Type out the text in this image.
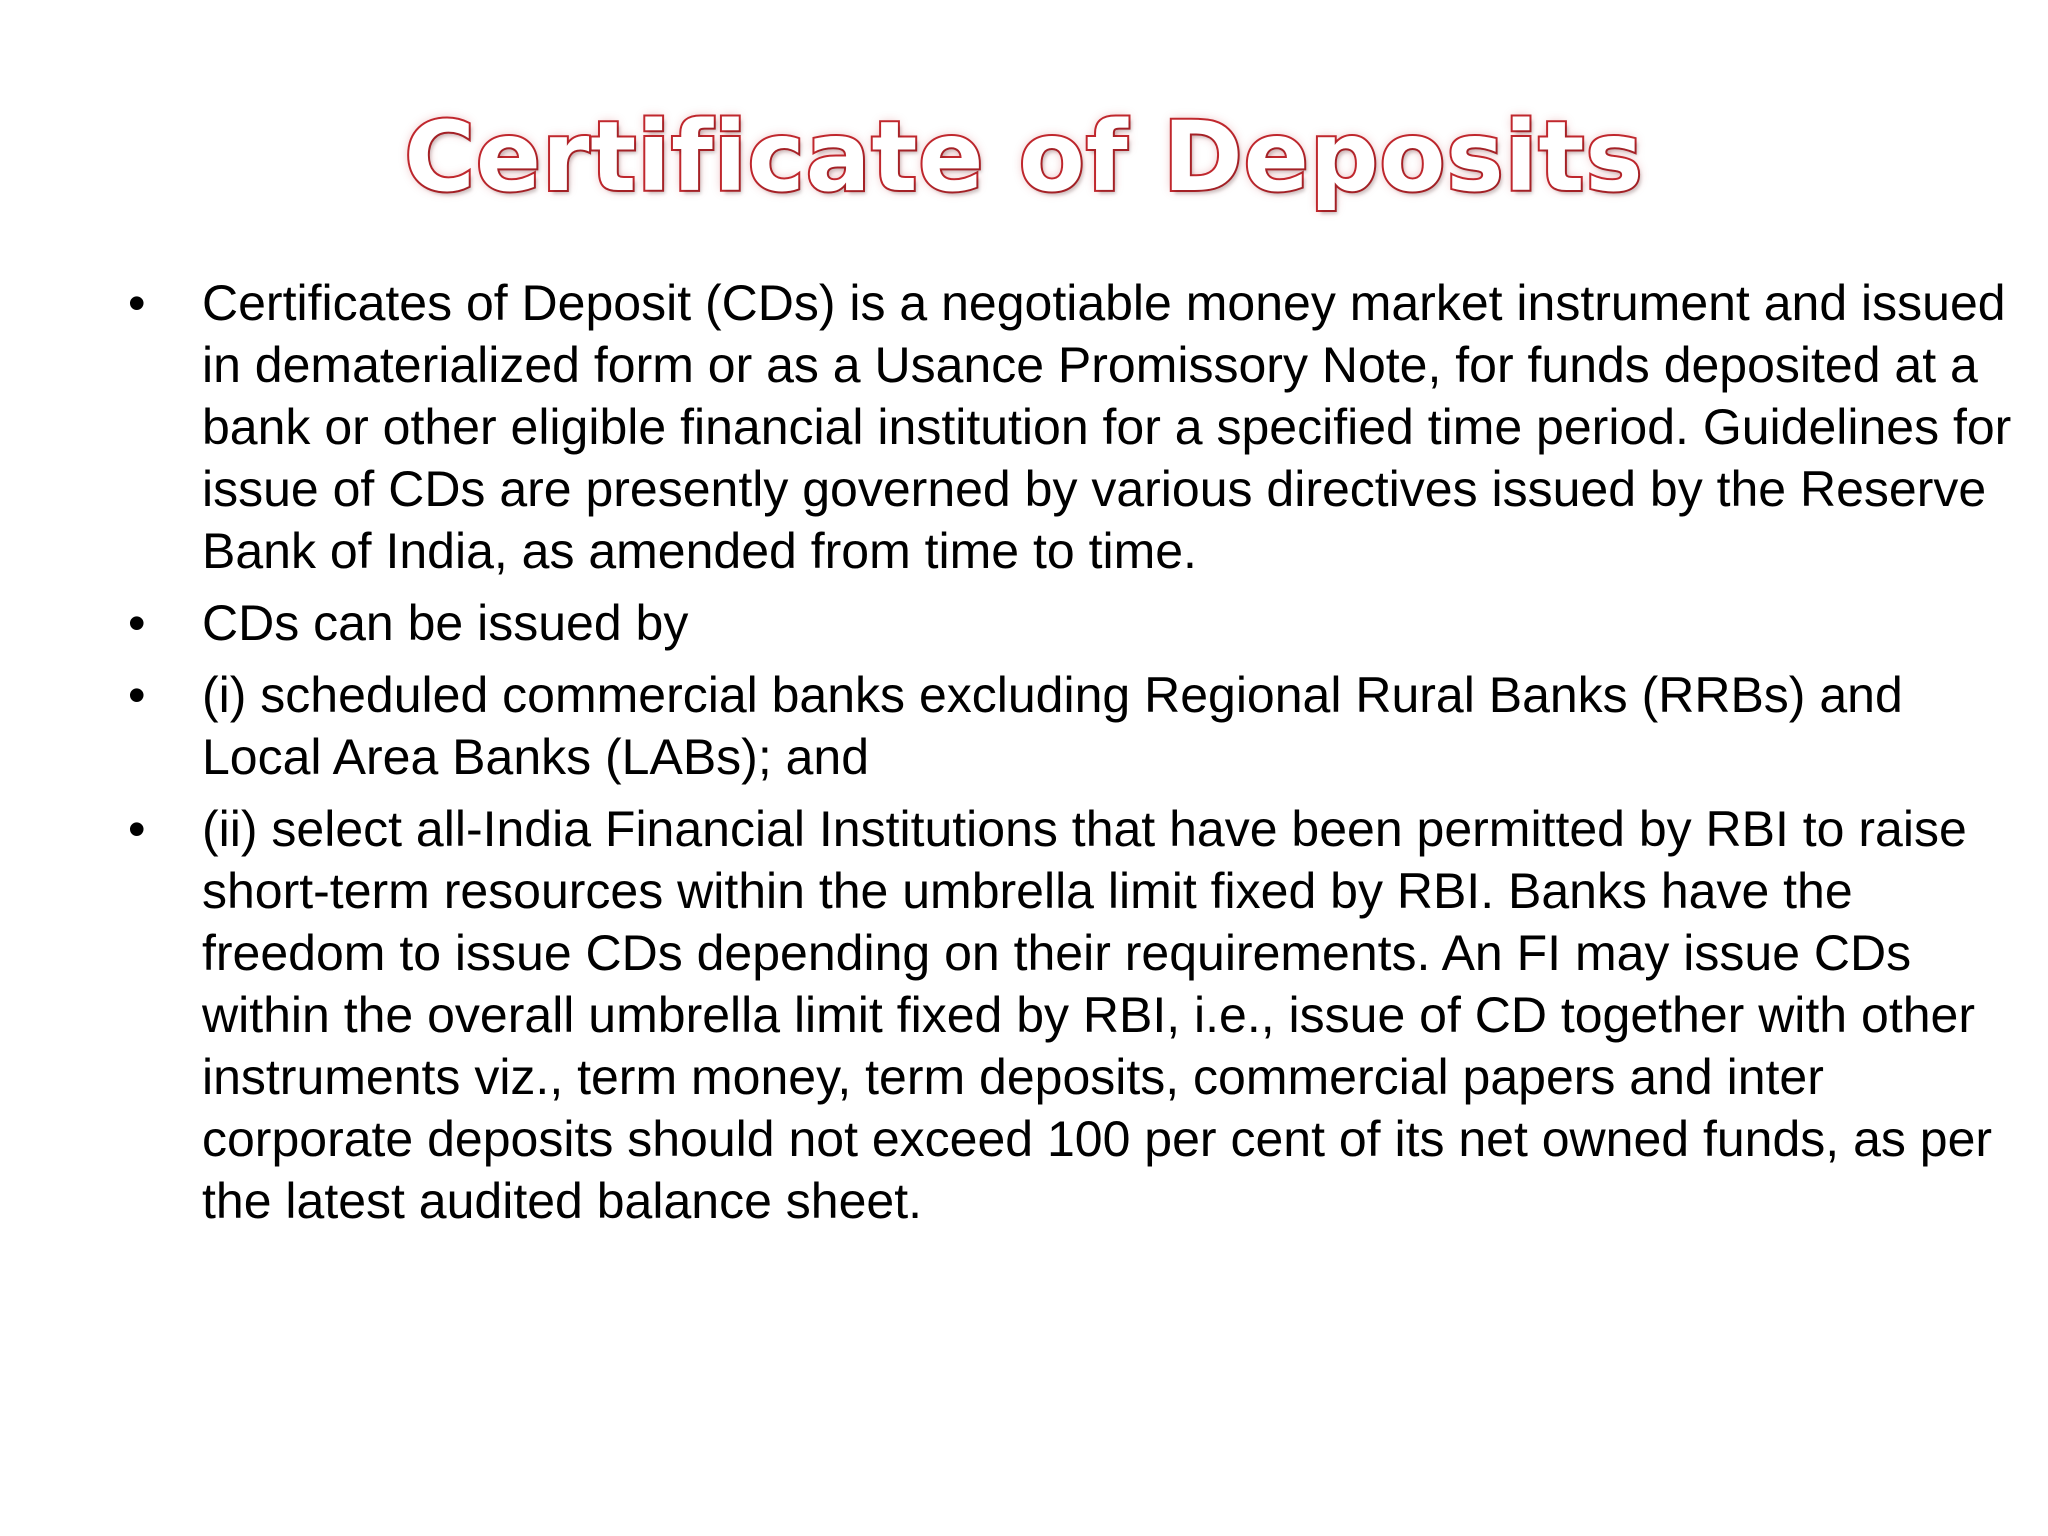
Certificate of Deposits
• Certificates of Deposit (CDs) is a negotiable money market instrument and issued in dematerialized form or as a Usance Promissory Note, for funds deposited at a bank or other eligible financial institution for a specified time period. Guidelines for issue of CDs are presently governed by various directives issued by the Reserve Bank of India, as amended from time to time.
• CDs can be issued by
• (i) scheduled commercial banks excluding Regional Rural Banks (RRBs) and Local Area Banks (LABs); and
• (ii) select all-India Financial Institutions that have been permitted by RBI to raise short-term resources within the umbrella limit fixed by RBI. Banks have the freedom to issue CDs depending on their requirements. An FI may issue CDs within the overall umbrella limit fixed by RBI, i.e., issue of CD together with other instruments viz., term money, term deposits, commercial papers and inter corporate deposits should not exceed 100 per cent of its net owned funds, as per the latest audited balance sheet.
